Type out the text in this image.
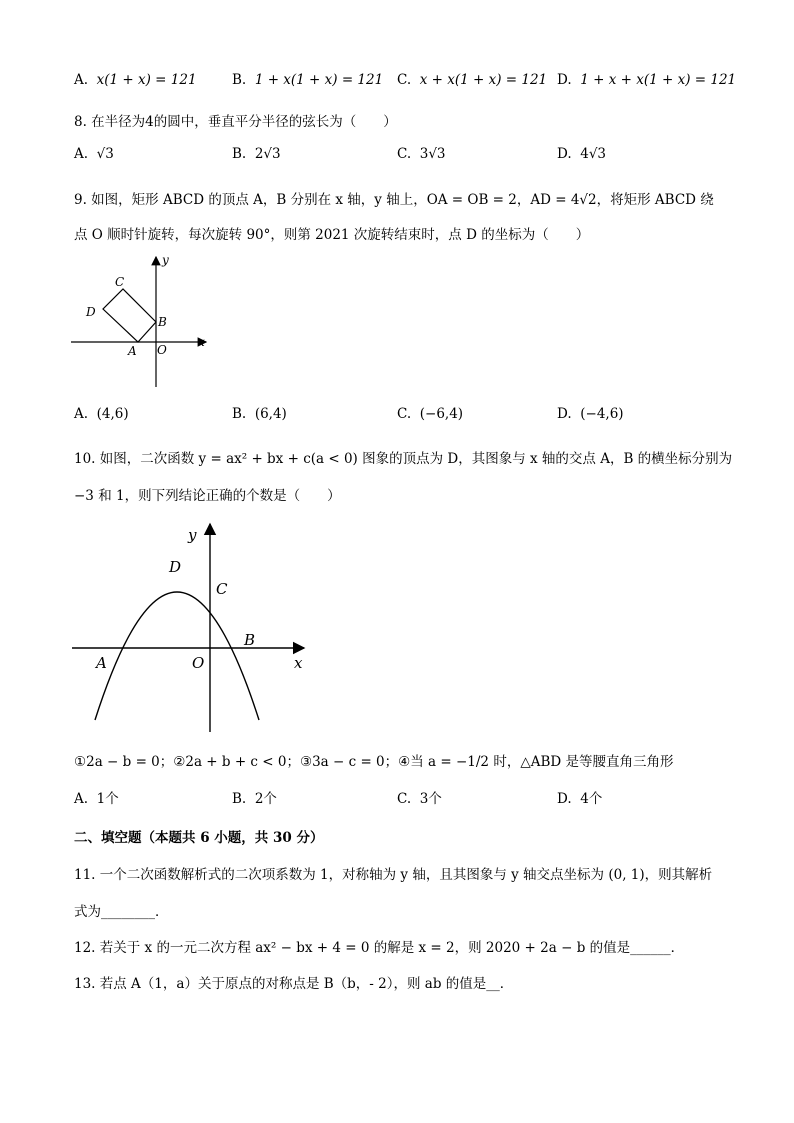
A. x(1 + x) = 121	B. 1 + x(1 + x) = 121 C. x + x(1 + x) = 121 D. 1 + x + x(1 + x) = 121
8. 在半径为4的圆中，垂直平分半径的弦长为（　　）
A. √3	B. 2√3	C. 3√3	D. 4√3
9. 如图，矩形 ABCD 的顶点 A，B 分别在 x 轴，y 轴上，OA = OB = 2，AD = 4√2，将矩形 ABCD 绕
点 O 顺时针旋转，每次旋转 90°，则第 2021 次旋转结束时，点 D 的坐标为（　　）
C
D
B
A O
x
y
A. (4,6)	B. (6,4)	C. (−6,4)	D. (−4,6)
10. 如图，二次函数 y = ax² + bx + c(a < 0) 图象的顶点为 D，其图象与 x 轴的交点 A，B 的横坐标分别为
−3 和 1，则下列结论正确的个数是（　　）
y
D
C
B
A	O	x
①2a − b = 0；②2a + b + c < 0；③3a − c = 0；④当 a = −1/2 时，△ABD 是等腰直角三角形
A. 1个	B. 2个	C. 3个	D. 4个
二、填空题（本题共 6 小题，共 30 分）
11. 一个二次函数解析式的二次项系数为 1，对称轴为 y 轴，且其图象与 y 轴交点坐标为 (0, 1)，则其解析
式为________．
12. 若关于 x 的一元二次方程 ax² − bx + 4 = 0 的解是 x = 2，则 2020 + 2a − b 的值是______．
13. 若点 A（1，a）关于原点的对称点是 B（b，- 2），则 ab 的值是__．
